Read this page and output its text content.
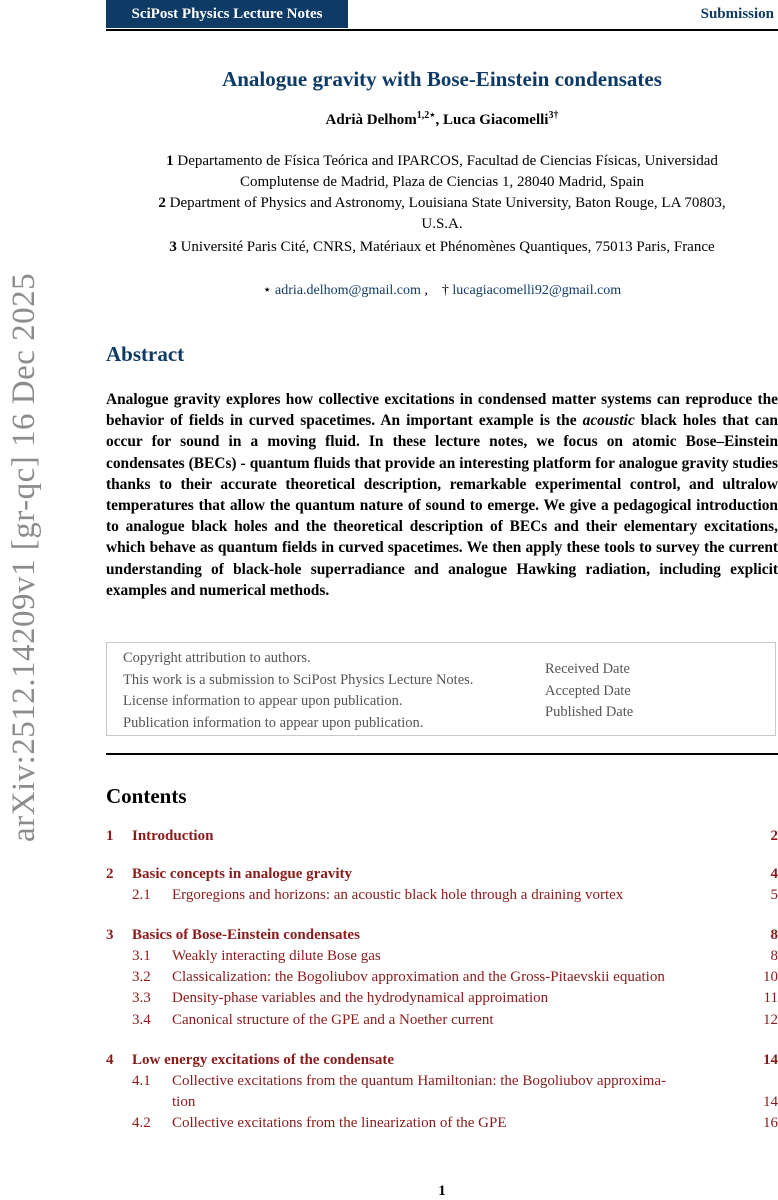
arXiv:2512.14209v1 [gr-qc] 16 Dec 2025
SciPost Physics Lecture Notes	Submission
Analogue gravity with Bose-Einstein condensates
Adrià Delhom$^{1,2⋆}$, Luca Giacomelli$^{3\dagger}$
1 Departamento de Física Teórica and IPARCOS, Facultad de Ciencias Físicas, Universidad
Complutense de Madrid, Plaza de Ciencias 1, 28040 Madrid, Spain
2 Department of Physics and Astronomy, Louisiana State University, Baton Rouge, LA 70803,
U.S.A.
3 Université Paris Cité, CNRS, Matériaux et Phénomènes Quantiques, 75013 Paris, France
⋆ adria.delhom@gmail.com , † lucagiacomelli92@gmail.com
Abstract
Analogue gravity explores how collective excitations in condensed matter systems can reproduce the behavior of fields in curved spacetimes. An important example is the acoustic black holes that can occur for sound in a moving fluid. In these lecture notes, we focus on atomic Bose–Einstein condensates (BECs) - quantum fluids that provide an interesting platform for analogue gravity studies thanks to their accurate theoretical description, remarkable experimental control, and ultralow temperatures that allow the quantum nature of sound to emerge. We give a pedagogical introduction to analogue black holes and the theoretical description of BECs and their elementary excitations, which behave as quantum fields in curved spacetimes. We then apply these tools to survey the current understanding of black-hole superradiance and analogue Hawking radiation, including explicit examples and numerical methods.
Copyright attribution to authors.
This work is a submission to SciPost Physics Lecture Notes.
License information to appear upon publication.
Publication information to appear upon publication.
Received Date
Accepted Date
Published Date
Contents
1 Introduction	2
2 Basic concepts in analogue gravity	4
2.1 Ergoregions and horizons: an acoustic black hole through a draining vortex	5
3 Basics of Bose-Einstein condensates	8
3.1 Weakly interacting dilute Bose gas	8
3.2 Classicalization: the Bogoliubov approximation and the Gross-Pitaevskii equation	10
3.3 Density-phase variables and the hydrodynamical approimation	11
3.4 Canonical structure of the GPE and a Noether current	12
4 Low energy excitations of the condensate	14
4.1 Collective excitations from the quantum Hamiltonian: the Bogoliubov approxima-
tion	14
4.2 Collective excitations from the linearization of the GPE	16
1
